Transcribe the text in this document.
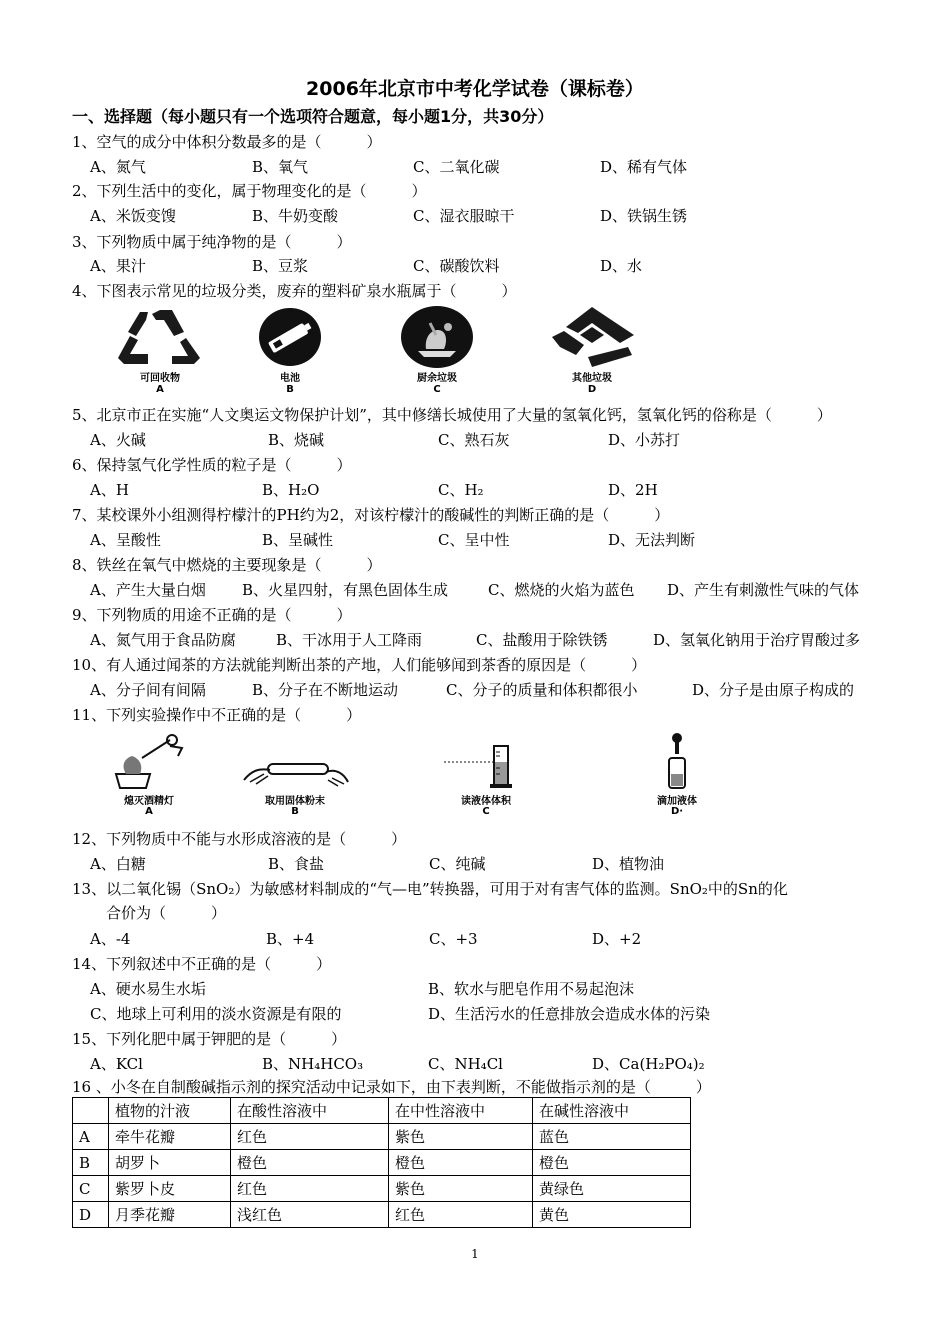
2006年北京市中考化学试卷（课标卷）
一、选择题（每小题只有一个选项符合题意，每小题1分，共30分）
1、空气的成分中体积分数最多的是（　　　）
A、氮气	B、氧气	C、二氧化碳	D、稀有气体
2、下列生活中的变化，属于物理变化的是（　　　）
A、米饭变馊	B、牛奶变酸	C、湿衣服晾干	D、铁锅生锈
3、下列物质中属于纯净物的是（　　　）
A、果汁	B、豆浆	C、碳酸饮料	D、水
4、下图表示常见的垃圾分类，废弃的塑料矿泉水瓶属于（　　　）
可回收物
A
电池
B
厨余垃圾
C
其他垃圾
D
5、北京市正在实施“人文奥运文物保护计划”，其中修缮长城使用了大量的氢氧化钙，氢氧化钙的俗称是（　　　）
A、火碱	B、烧碱	C、熟石灰	D、小苏打
6、保持氢气化学性质的粒子是（　　　）
A、H	B、H₂O	C、H₂	D、2H
7、某校课外小组测得柠檬汁的PH约为2，对该柠檬汁的酸碱性的判断正确的是（　　　）
A、呈酸性	B、呈碱性	C、呈中性	D、无法判断
8、铁丝在氧气中燃烧的主要现象是（　　　）
A、产生大量白烟 B、火星四射，有黑色固体生成	C、燃烧的火焰为蓝色 D、产生有刺激性气味的气体
9、下列物质的用途不正确的是（　　　）
A、氮气用于食品防腐	B、干冰用于人工降雨	C、盐酸用于除铁锈	D、氢氧化钠用于治疗胃酸过多
10、有人通过闻茶的方法就能判断出茶的产地，人们能够闻到茶香的原因是（　　　）
A、分子间有间隔	B、分子在不断地运动	C、分子的质量和体积都很小	D、分子是由原子构成的
11、下列实验操作中不正确的是（　　　）
熄灭酒精灯
A
取用固体粉末
B
读液体体积
C
滴加液体
D·
12、下列物质中不能与水形成溶液的是（　　　）
A、白糖	B、食盐	C、纯碱	D、植物油
13、以二氧化锡（SnO₂）为敏感材料制成的“气—电”转换器，可用于对有害气体的监测。SnO₂中的Sn的化
合价为（　　　）
A、-4	B、+4	C、+3	D、+2
14、下列叙述中不正确的是（　　　）
A、硬水易生水垢	B、软水与肥皂作用不易起泡沫
C、地球上可利用的淡水资源是有限的	D、生活污水的任意排放会造成水体的污染
15、下列化肥中属于钾肥的是（　　　）
A、KCl	B、NH₄HCO₃	C、NH₄Cl	D、Ca(H₂PO₄)₂
16 、小冬在自制酸碱指示剂的探究活动中记录如下，由下表判断，不能做指示剂的是（　　　）
	植物的汁液	在酸性溶液中	在中性溶液中	在碱性溶液中
A	牵牛花瓣	红色	紫色	蓝色
B	胡罗卜	橙色	橙色	橙色
C	紫罗卜皮	红色	紫色	黄绿色
D	月季花瓣	浅红色	红色	黄色
1
